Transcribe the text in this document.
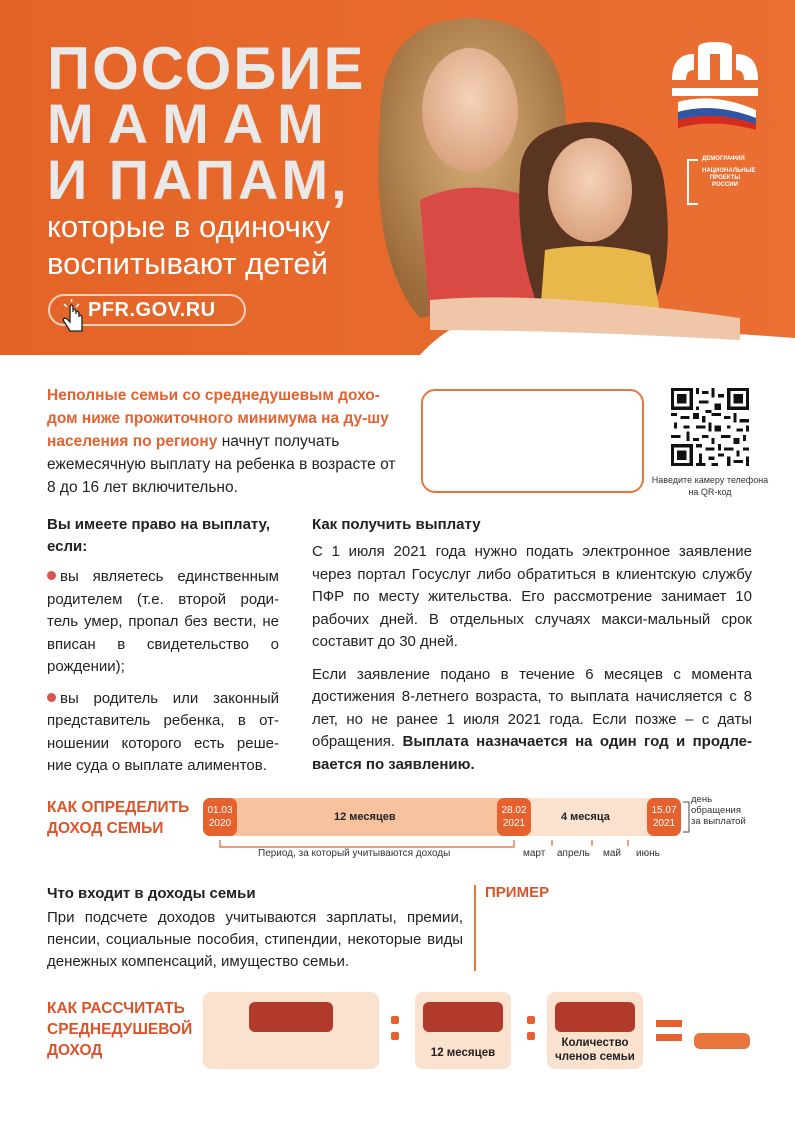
ПОСОБИЕ
МАМАМ
И ПАПАМ,
которые в одиночку
воспитывают детей
PFR.GOV.RU
ДЕМОГРАФИЯ
НАЦИОНАЛЬНЫЕ ПРОЕКТЫ РОССИИ
Неполные семьи со среднедушевым дохо-дом ниже прожиточного минимума на ду-шу населения по региону начнут получать ежемесячную выплату на ребенка в возрасте от 8 до 16 лет включительно.	Наведите камеру телефона на QR-код
Вы имеете право на выплату, если:
вы являетесь единственным родителем (т.е. второй роди-тель умер, пропал без вести, не вписан в свидетельство о рождении);
вы родитель или законный представитель ребенка, в от-ношении которого есть реше-ние суда о выплате алиментов.
Как получить выплату

С 1 июля 2021 года нужно подать электронное заявление через портал Госуслуг либо обратиться в клиентскую службу ПФР по месту жительства. Его рассмотрение занимает 10 рабочих дней. В отдельных случаях макси-мальный срок составит до 30 дней.

Если заявление подано в течение 6 месяцев с момента достижения 8-летнего возраста, то выплата начисляется с 8 лет, но не ранее 1 июля 2021 года. Если позже – с даты обращения. Выплата назначается на один год и продле-вается по заявлению.

КАК ОПРЕДЕЛИТЬ
ДОХОД СЕМЬИ
12 месяцев	4 месяца
01.03
2020
28.02
2021
15.07
2021
день
обращения
за выплатой
Период, за который учитываются доходы	март апрель май июнь
Что входит в доходы семьи
При подсчете доходов учитываются зарплаты, премии, пенсии, социальные пособия, стипендии, некоторые виды денежных компенсаций, имущество семьи.
ПРИМЕР
КАК РАССЧИТАТЬ
СРЕДНЕДУШЕВОЙ
ДОХОД	12 месяцев
Количество
членов семьи
